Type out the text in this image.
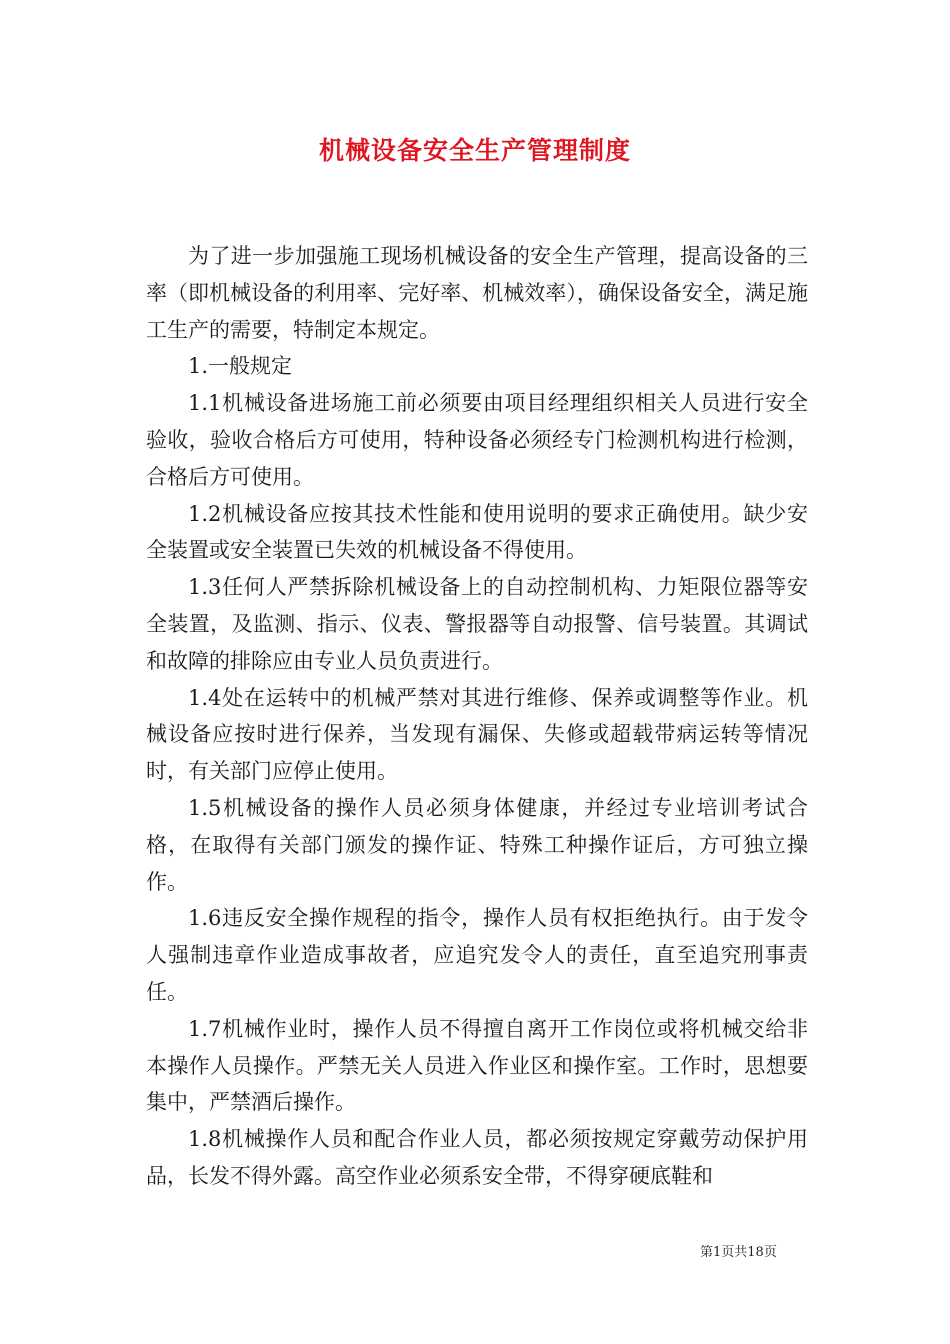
机械设备安全生产管理制度

为了进一步加强施工现场机械设备的安全生产管理，提高设备的三率（即机械设备的利用率、完好率、机械效率），确保设备安全，满足施工生产的需要，特制定本规定。

1.一般规定

1.1机械设备进场施工前必须要由项目经理组织相关人员进行安全验收，验收合格后方可使用，特种设备必须经专门检测机构进行检测，合格后方可使用。

1.2机械设备应按其技术性能和使用说明的要求正确使用。缺少安全装置或安全装置已失效的机械设备不得使用。

1.3任何人严禁拆除机械设备上的自动控制机构、力矩限位器等安全装置，及监测、指示、仪表、警报器等自动报警、信号装置。其调试和故障的排除应由专业人员负责进行。

1.4处在运转中的机械严禁对其进行维修、保养或调整等作业。机械设备应按时进行保养，当发现有漏保、失修或超载带病运转等情况时，有关部门应停止使用。

1.5机械设备的操作人员必须身体健康，并经过专业培训考试合格，在取得有关部门颁发的操作证、特殊工种操作证后，方可独立操作。

1.6违反安全操作规程的指令，操作人员有权拒绝执行。由于发令人强制违章作业造成事故者，应追究发令人的责任，直至追究刑事责任。

1.7机械作业时，操作人员不得擅自离开工作岗位或将机械交给非本操作人员操作。严禁无关人员进入作业区和操作室。工作时，思想要集中，严禁酒后操作。

1.8机械操作人员和配合作业人员，都必须按规定穿戴劳动保护用品，长发不得外露。高空作业必须系安全带，不得穿硬底鞋和

第1页共18页
